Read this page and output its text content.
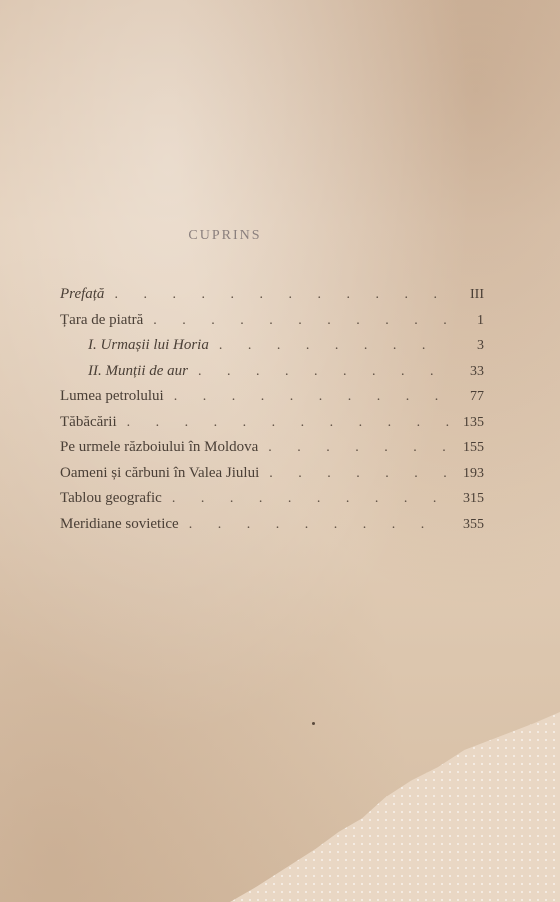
CUPRINS
Prefață . . .	III
Țara de piatră . . .	1
I. Urmașii lui Horia . . .	3
II. Munții de aur . . .	33
Lumea petrolului . . .	77
Tăbăcării . . .	135
Pe urmele războiului în Moldova . . .	155
Oameni și cărbuni în Valea Jiului . . .	193
Tablou geografic . . .	315
Meridiane sovietice . . .	355
